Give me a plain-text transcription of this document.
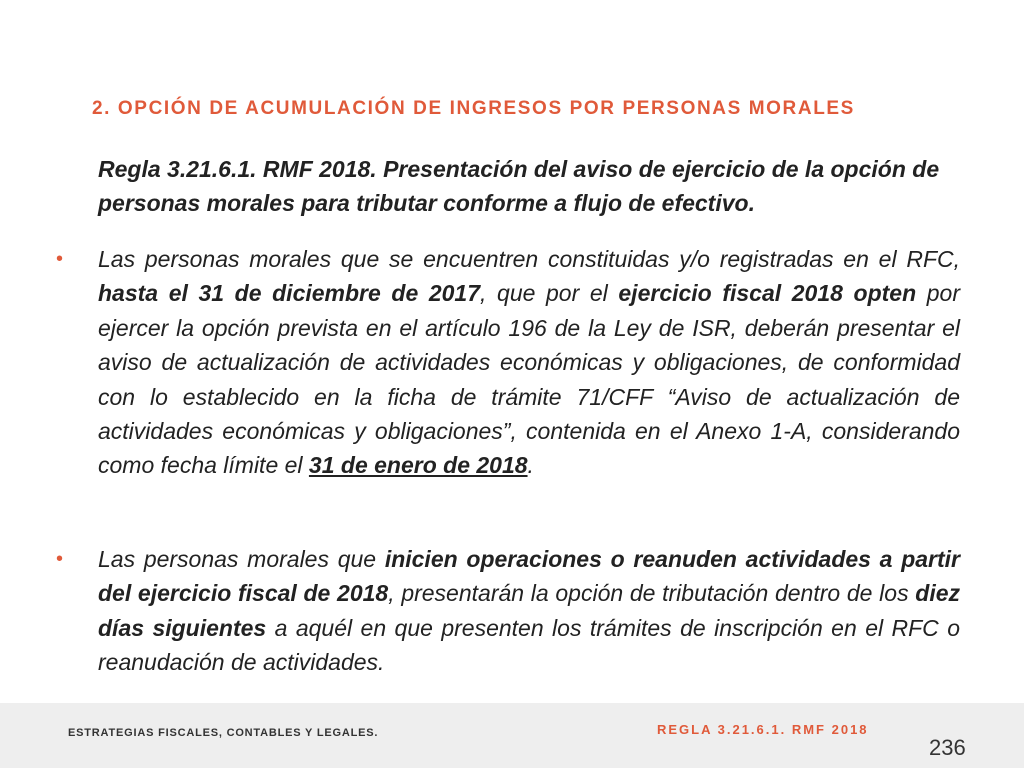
2. OPCIÓN DE ACUMULACIÓN DE INGRESOS POR PERSONAS MORALES
Regla 3.21.6.1. RMF 2018. Presentación del aviso de ejercicio de la opción de personas morales para tributar conforme a flujo de efectivo.
• Las personas morales que se encuentren constituidas y/o registradas en el RFC, hasta el 31 de diciembre de 2017, que por el ejercicio fiscal 2018 opten por ejercer la opción prevista en el artículo 196 de la Ley de ISR, deberán presentar el aviso de actualización de actividades económicas y obligaciones, de conformidad con lo establecido en la ficha de trámite 71/CFF “Aviso de actualización de actividades económicas y obligaciones”, contenida en el Anexo 1-A, considerando como fecha límite el 31 de enero de 2018.
• Las personas morales que inicien operaciones o reanuden actividades a partir del ejercicio fiscal de 2018, presentarán la opción de tributación dentro de los diez días siguientes a aquél en que presenten los trámites de inscripción en el RFC o reanudación de actividades.
ESTRATEGIAS FISCALES, CONTABLES Y LEGALES.	REGLA 3.21.6.1. RMF 2018
236
